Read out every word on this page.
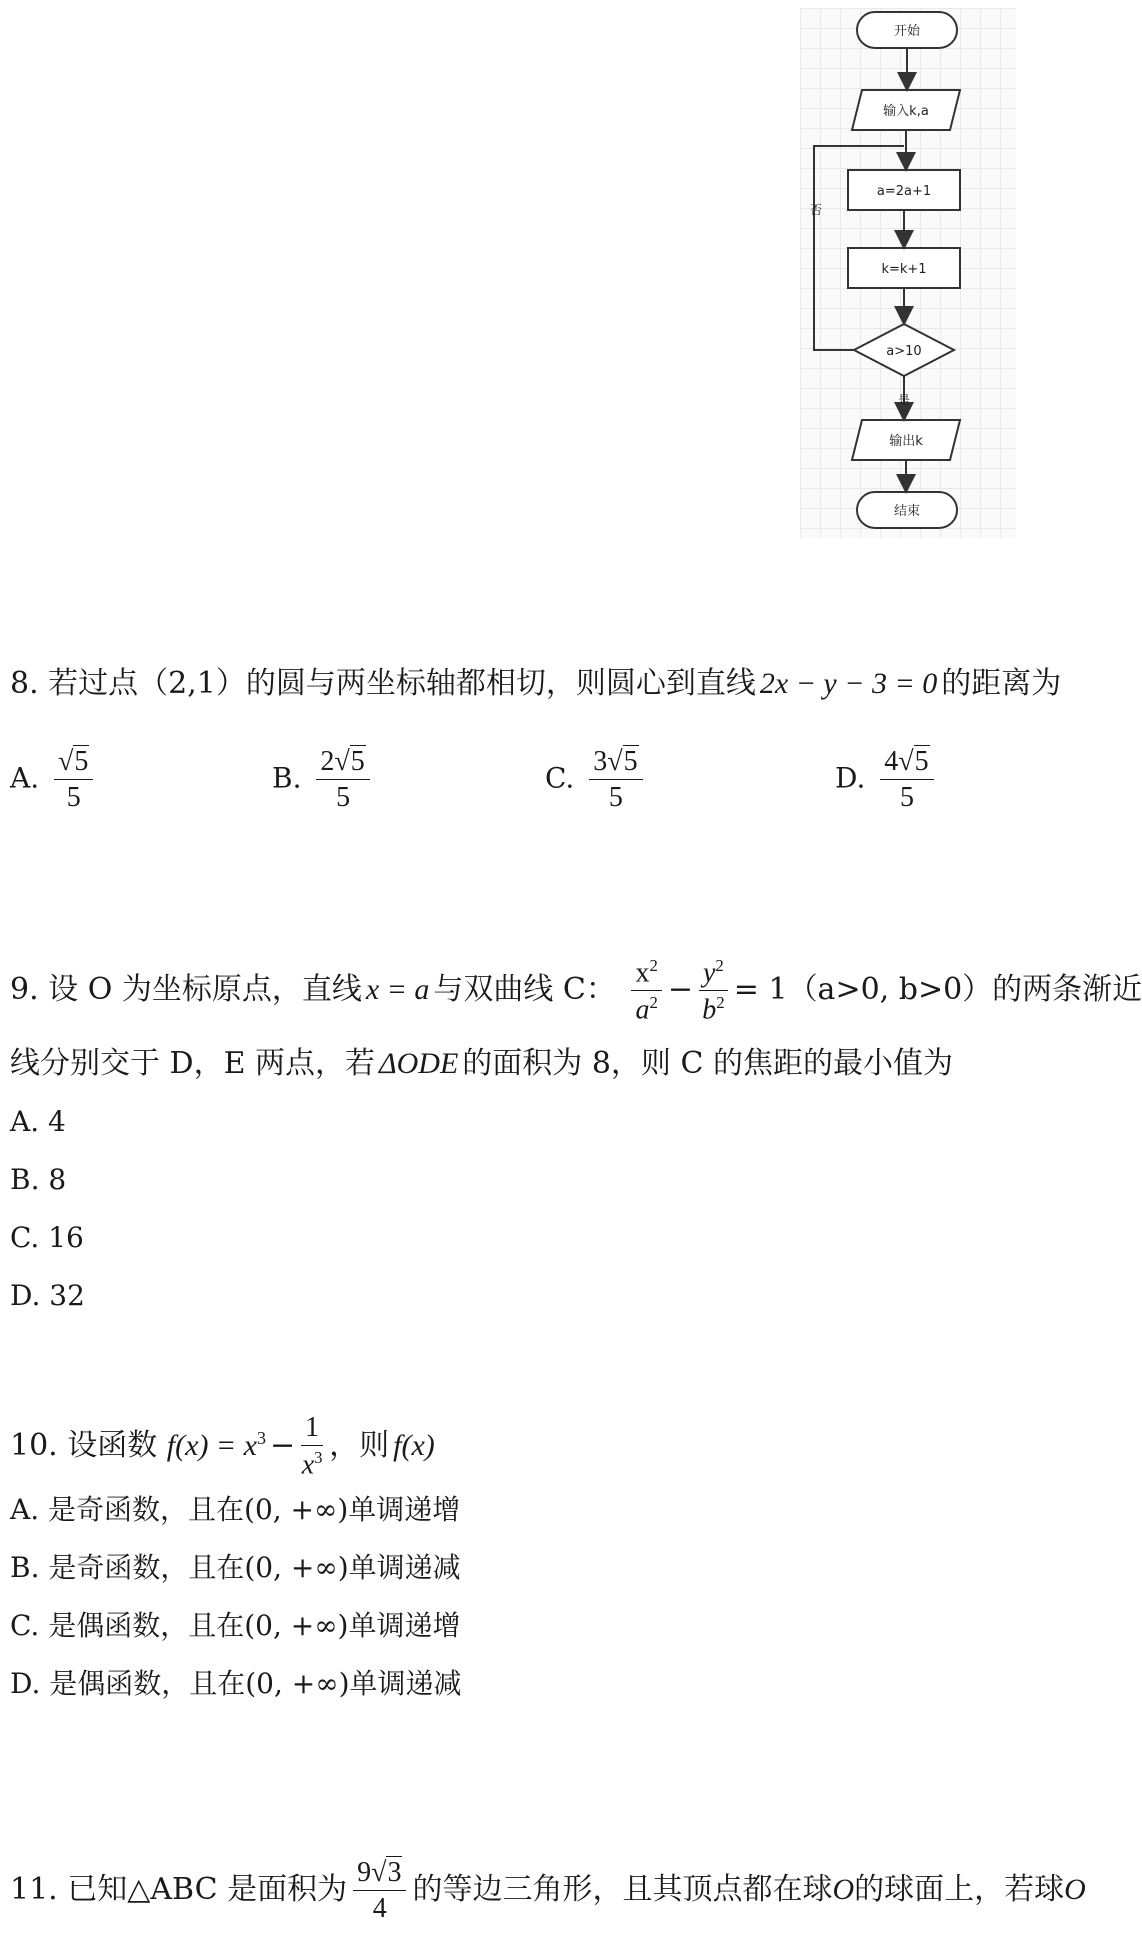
开始
输入k,a
a=2a+1
k=k+1
a>10
否
是
输出k
结束
8. 若过点（2,1）的圆与两坐标轴都相切，则圆心到直线 2x − y − 3 = 0 的距离为
A. $\frac{√5}{5}$	B. $\frac{2√5}{5}$	C. $\frac{3√5}{5}$	D. $\frac{4√5}{5}$
9. 设 O 为坐标原点，直线 x = a 与双曲线 C： $\frac{x^2}{a^2} - \frac{y^2}{b^2} = 1(a>0$, b>0）的两条渐近
线分别交于 D，E 两点，若 ΔODE 的面积为 8，则 C 的焦距的最小值为
A. 4
B. 8
C. 16
D. 32
10. 设函数 $f(x) = x^3 - \frac{1}{x^3}$ ，则 f(x)
A. 是奇函数，且在(0, +∞)单调递增
B. 是奇函数，且在(0, +∞)单调递减
C. 是偶函数，且在(0, +∞)单调递增
D. 是偶函数，且在(0, +∞)单调递减
11. 已知△ABC 是面积为 $\frac{9√3}{4}$ 的等边三角形，且其顶点都在球O的球面上，若球O
